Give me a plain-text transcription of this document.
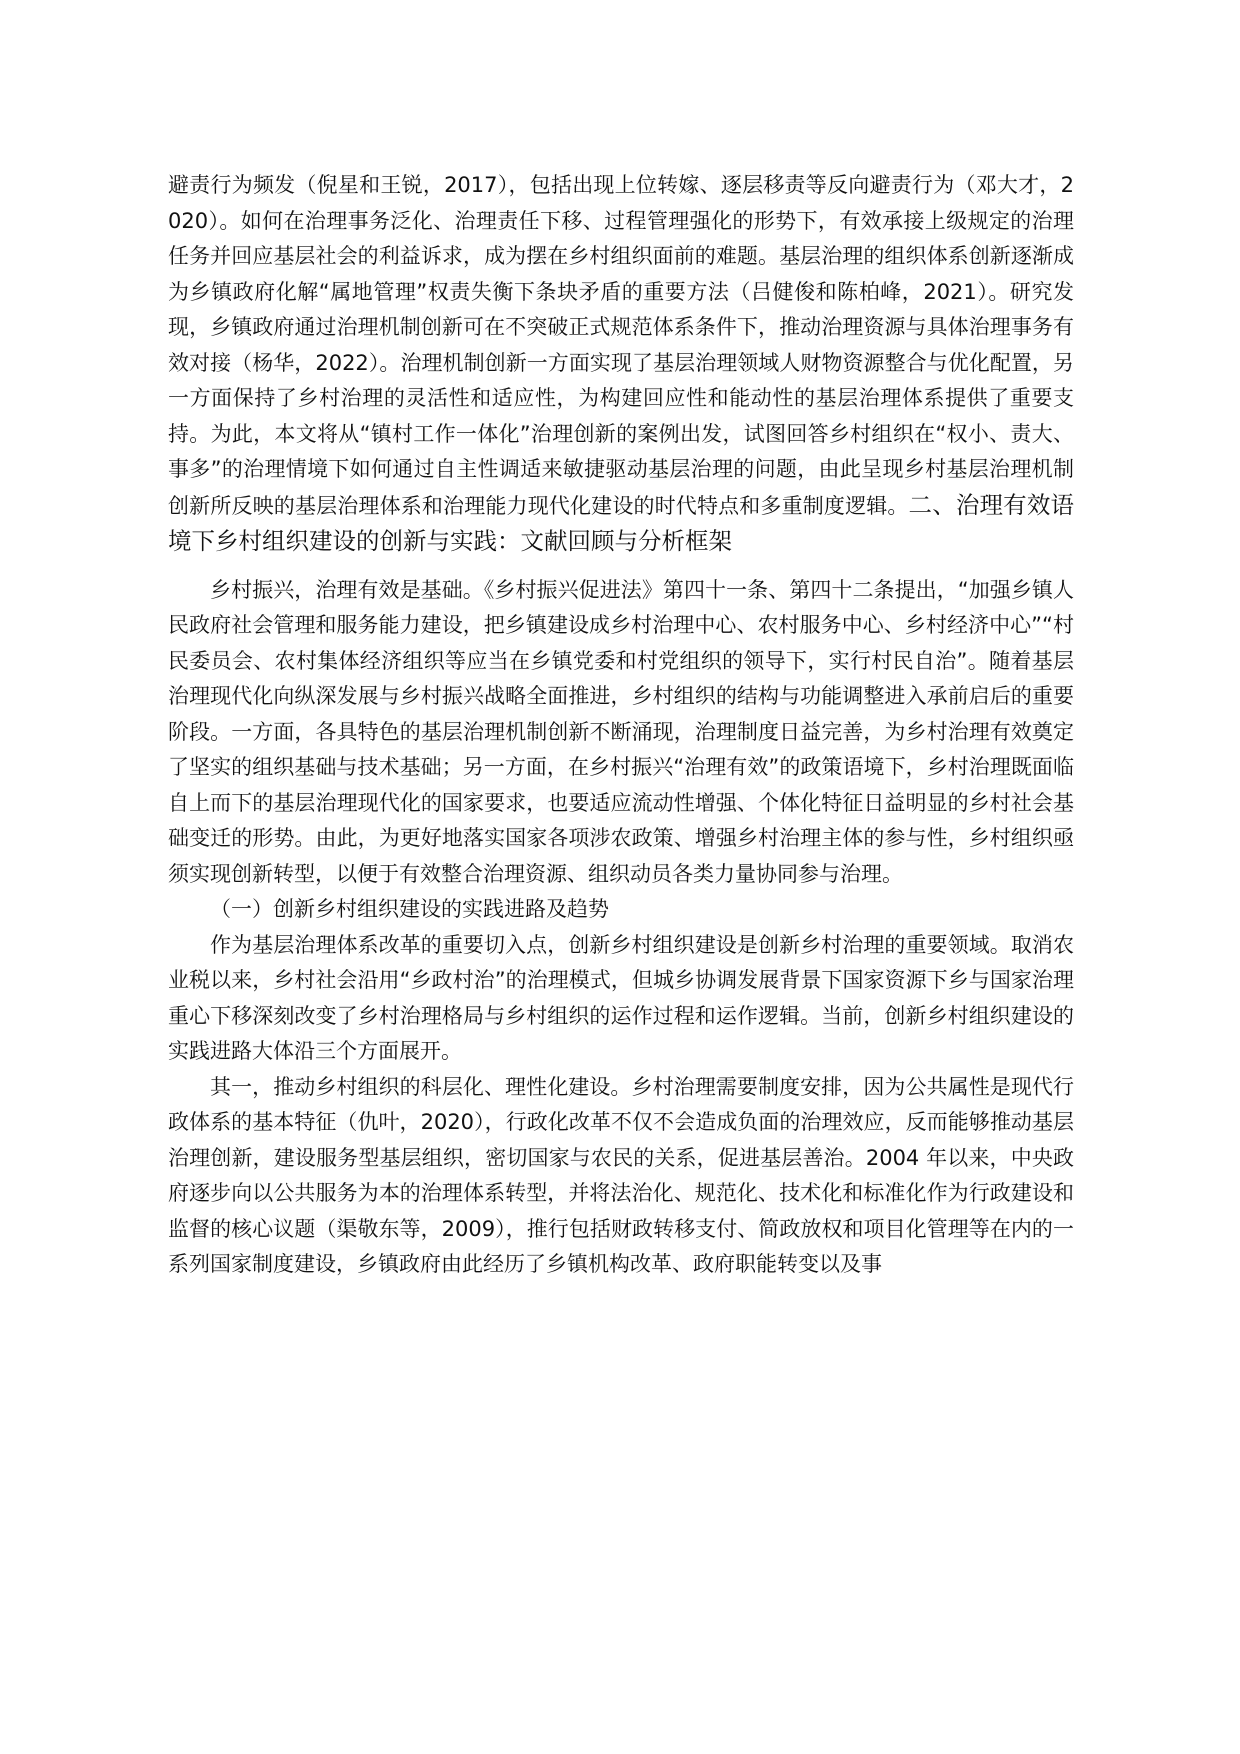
避责行为频发（倪星和王锐，2017），包括出现上位转嫁、逐层移责等反向避责行为（邓大才，2020）。如何在治理事务泛化、治理责任下移、过程管理强化的形势下，有效承接上级规定的治理任务并回应基层社会的利益诉求，成为摆在乡村组织面前的难题。基层治理的组织体系创新逐渐成为乡镇政府化解“属地管理”权责失衡下条块矛盾的重要方法（吕健俊和陈柏峰，2021）。研究发现，乡镇政府通过治理机制创新可在不突破正式规范体系条件下，推动治理资源与具体治理事务有效对接（杨华，2022）。治理机制创新一方面实现了基层治理领域人财物资源整合与优化配置，另一方面保持了乡村治理的灵活性和适应性，为构建回应性和能动性的基层治理体系提供了重要支持。为此，本文将从“镇村工作一体化”治理创新的案例出发，试图回答乡村组织在“权小、责大、事多”的治理情境下如何通过自主性调适来敏捷驱动基层治理的问题，由此呈现乡村基层治理机制创新所反映的基层治理体系和治理能力现代化建设的时代特点和多重制度逻辑。二、治理有效语境下乡村组织建设的创新与实践：文献回顾与分析框架

乡村振兴，治理有效是基础。《乡村振兴促进法》第四十一条、第四十二条提出，“加强乡镇人民政府社会管理和服务能力建设，把乡镇建设成乡村治理中心、农村服务中心、乡村经济中心”“村民委员会、农村集体经济组织等应当在乡镇党委和村党组织的领导下，实行村民自治”。随着基层治理现代化向纵深发展与乡村振兴战略全面推进，乡村组织的结构与功能调整进入承前启后的重要阶段。一方面，各具特色的基层治理机制创新不断涌现，治理制度日益完善，为乡村治理有效奠定了坚实的组织基础与技术基础；另一方面，在乡村振兴“治理有效”的政策语境下，乡村治理既面临自上而下的基层治理现代化的国家要求，也要适应流动性增强、个体化特征日益明显的乡村社会基础变迁的形势。由此，为更好地落实国家各项涉农政策、增强乡村治理主体的参与性，乡村组织亟须实现创新转型，以便于有效整合治理资源、组织动员各类力量协同参与治理。

（一）创新乡村组织建设的实践进路及趋势

作为基层治理体系改革的重要切入点，创新乡村组织建设是创新乡村治理的重要领域。取消农业税以来，乡村社会沿用“乡政村治”的治理模式，但城乡协调发展背景下国家资源下乡与国家治理重心下移深刻改变了乡村治理格局与乡村组织的运作过程和运作逻辑。当前，创新乡村组织建设的实践进路大体沿三个方面展开。

其一，推动乡村组织的科层化、理性化建设。乡村治理需要制度安排，因为公共属性是现代行政体系的基本特征（仇叶，2020），行政化改革不仅不会造成负面的治理效应，反而能够推动基层治理创新，建设服务型基层组织，密切国家与农民的关系，促进基层善治。2004 年以来，中央政府逐步向以公共服务为本的治理体系转型，并将法治化、规范化、技术化和标准化作为行政建设和监督的核心议题（渠敬东等，2009），推行包括财政转移支付、简政放权和项目化管理等在内的一系列国家制度建设，乡镇政府由此经历了乡镇机构改革、政府职能转变以及事
